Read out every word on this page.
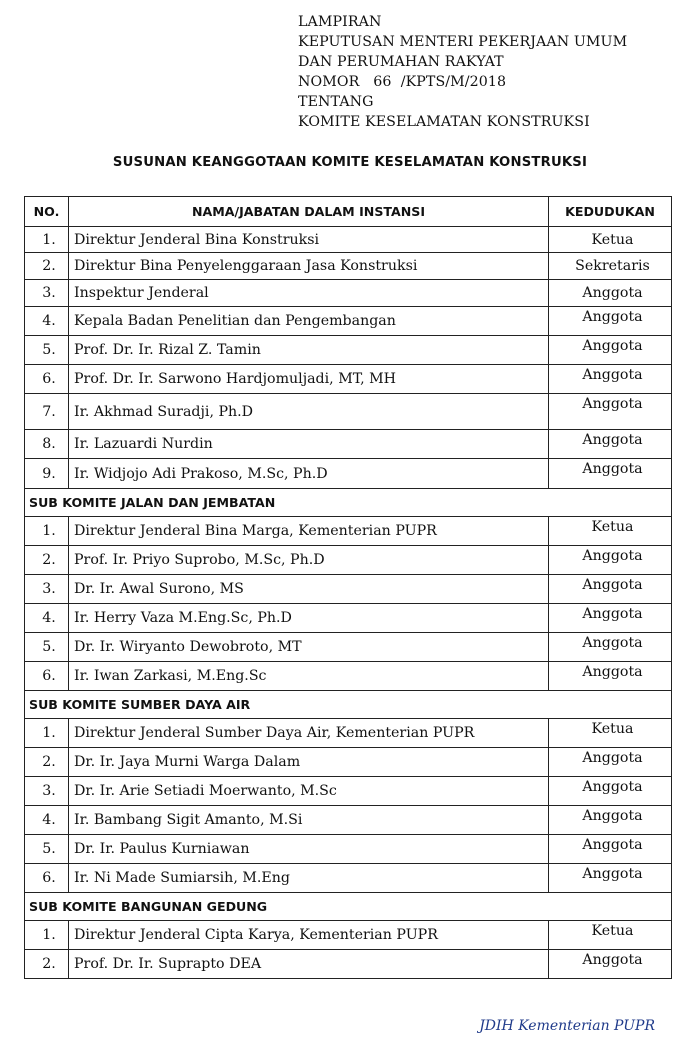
LAMPIRAN
KEPUTUSAN MENTERI PEKERJAAN UMUM
DAN PERUMAHAN RAKYAT
NOMOR   66  /KPTS/M/2018
TENTANG
KOMITE KESELAMATAN KONSTRUKSI
SUSUNAN KEANGGOTAAN KOMITE KESELAMATAN KONSTRUKSI
NO.	NAMA/JABATAN DALAM INSTANSI	KEDUDUKAN
1.	Direktur Jenderal Bina Konstruksi	Ketua
2.	Direktur Bina Penyelenggaraan Jasa Konstruksi	Sekretaris
3.	Inspektur Jenderal	Anggota
4.	Kepala Badan Penelitian dan Pengembangan	Anggota
5.	Prof. Dr. Ir. Rizal Z. Tamin	Anggota
6.	Prof. Dr. Ir. Sarwono Hardjomuljadi, MT, MH	Anggota
7.	Ir. Akhmad Suradji, Ph.D	Anggota
8.	Ir. Lazuardi Nurdin	Anggota
9.	Ir. Widjojo Adi Prakoso, M.Sc, Ph.D	Anggota
SUB KOMITE JALAN DAN JEMBATAN		
1.	Direktur Jenderal Bina Marga, Kementerian PUPR	Ketua
2.	Prof. Ir. Priyo Suprobo, M.Sc, Ph.D	Anggota
3.	Dr. Ir. Awal Surono, MS	Anggota
4.	Ir. Herry Vaza M.Eng.Sc, Ph.D	Anggota
5.	Dr. Ir. Wiryanto Dewobroto, MT	Anggota
6.	Ir. Iwan Zarkasi, M.Eng.Sc	Anggota
SUB KOMITE SUMBER DAYA AIR		
1.	Direktur Jenderal Sumber Daya Air, Kementerian PUPR	Ketua
2.	Dr. Ir. Jaya Murni Warga Dalam	Anggota
3.	Dr. Ir. Arie Setiadi Moerwanto, M.Sc	Anggota
4.	Ir. Bambang Sigit Amanto, M.Si	Anggota
5.	Dr. Ir. Paulus Kurniawan	Anggota
6.	Ir. Ni Made Sumiarsih, M.Eng	Anggota
SUB KOMITE BANGUNAN GEDUNG		
1.	Direktur Jenderal Cipta Karya, Kementerian PUPR	Ketua
2.	Prof. Dr. Ir. Suprapto DEA	Anggota
JDIH Kementerian PUPR
